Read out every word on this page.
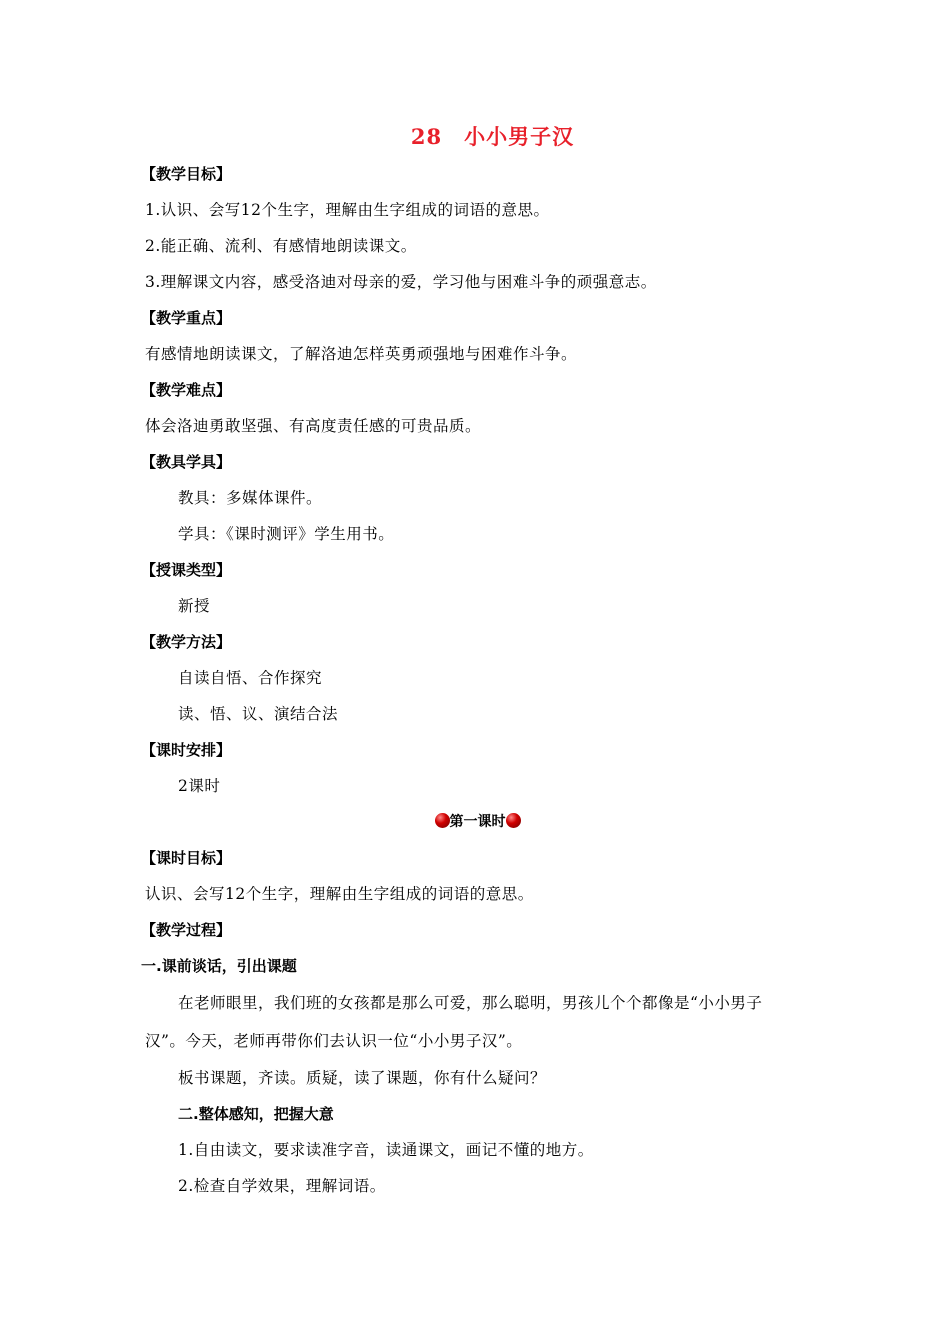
28　小小男子汉
【教学目标】
1.认识、会写12个生字，理解由生字组成的词语的意思。
2.能正确、流利、有感情地朗读课文。
3.理解课文内容，感受洛迪对母亲的爱，学习他与困难斗争的顽强意志。
【教学重点】
有感情地朗读课文，了解洛迪怎样英勇顽强地与困难作斗争。
【教学难点】
体会洛迪勇敢坚强、有高度责任感的可贵品质。
【教具学具】
教具：多媒体课件。
学具：《课时测评》学生用书。
【授课类型】
新授
【教学方法】
自读自悟、合作探究
读、悟、议、演结合法
【课时安排】
2课时
第一课时
【课时目标】
认识、会写12个生字，理解由生字组成的词语的意思。
【教学过程】
一.课前谈话，引出课题
在老师眼里，我们班的女孩都是那么可爱，那么聪明，男孩儿个个都像是“小小男子
汉”。今天，老师再带你们去认识一位“小小男子汉”。
板书课题，齐读。质疑，读了课题，你有什么疑问？
二.整体感知，把握大意
1.自由读文，要求读准字音，读通课文，画记不懂的地方。
2.检查自学效果，理解词语。
